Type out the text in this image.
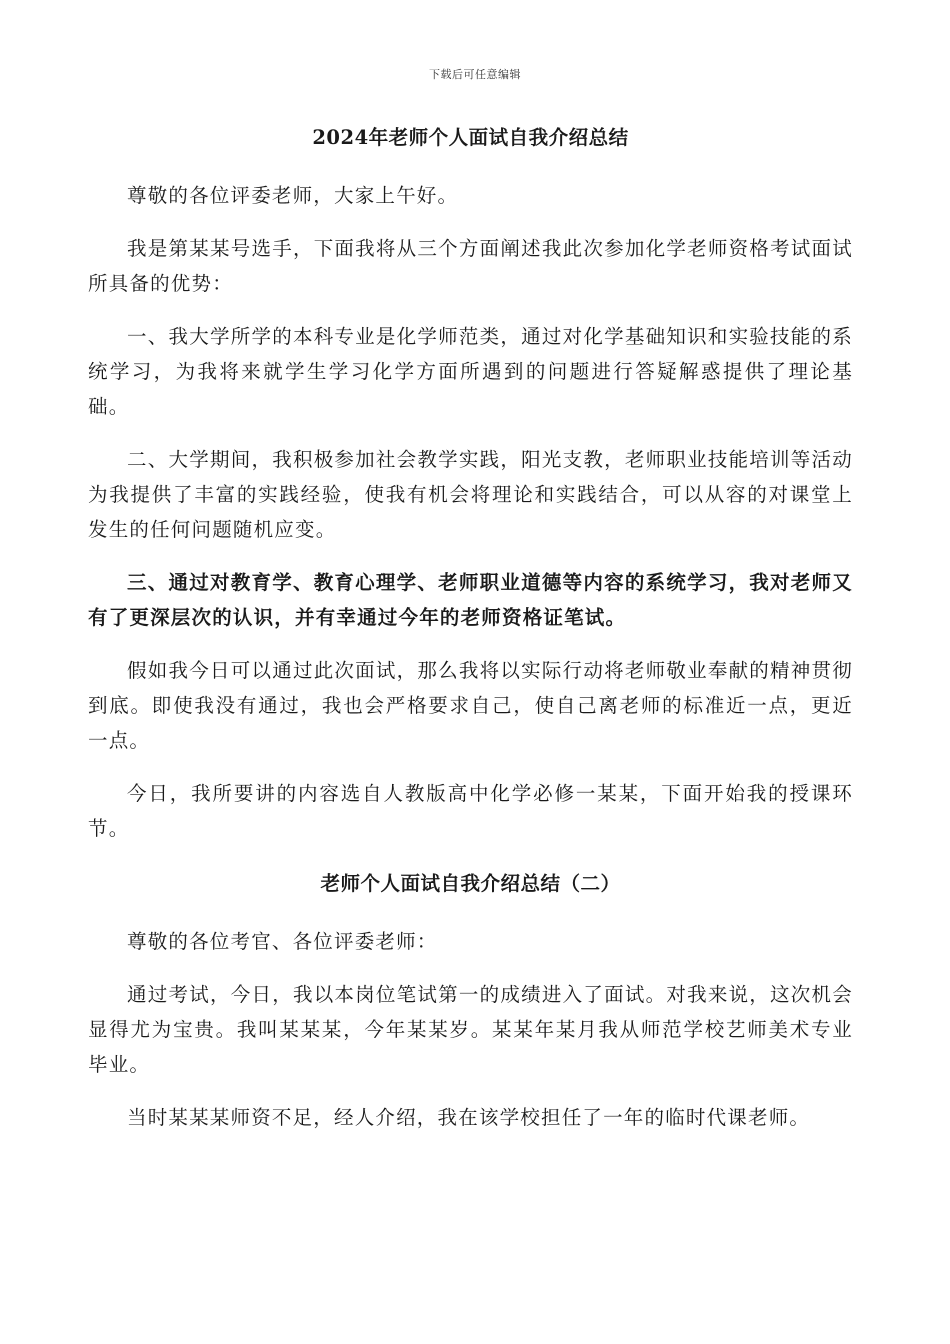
下载后可任意编辑
2024年老师个人面试自我介绍总结

尊敬的各位评委老师，大家上午好。

我是第某某号选手，下面我将从三个方面阐述我此次参加化学老师资格考试面试所具备的优势：

一、我大学所学的本科专业是化学师范类，通过对化学基础知识和实验技能的系统学习，为我将来就学生学习化学方面所遇到的问题进行答疑解惑提供了理论基础。

二、大学期间，我积极参加社会教学实践，阳光支教，老师职业技能培训等活动为我提供了丰富的实践经验，使我有机会将理论和实践结合，可以从容的对课堂上发生的任何问题随机应变。

三、通过对教育学、教育心理学、老师职业道德等内容的系统学习，我对老师又有了更深层次的认识，并有幸通过今年的老师资格证笔试。

假如我今日可以通过此次面试，那么我将以实际行动将老师敬业奉献的精神贯彻到底。即使我没有通过，我也会严格要求自己，使自己离老师的标准近一点，更近一点。

今日，我所要讲的内容选自人教版高中化学必修一某某，下面开始我的授课环节。

老师个人面试自我介绍总结（二）

尊敬的各位考官、各位评委老师：

通过考试，今日，我以本岗位笔试第一的成绩进入了面试。对我来说，这次机会显得尤为宝贵。我叫某某某，今年某某岁。某某年某月我从师范学校艺师美术专业毕业。

当时某某某师资不足，经人介绍，我在该学校担任了一年的临时代课老师。
